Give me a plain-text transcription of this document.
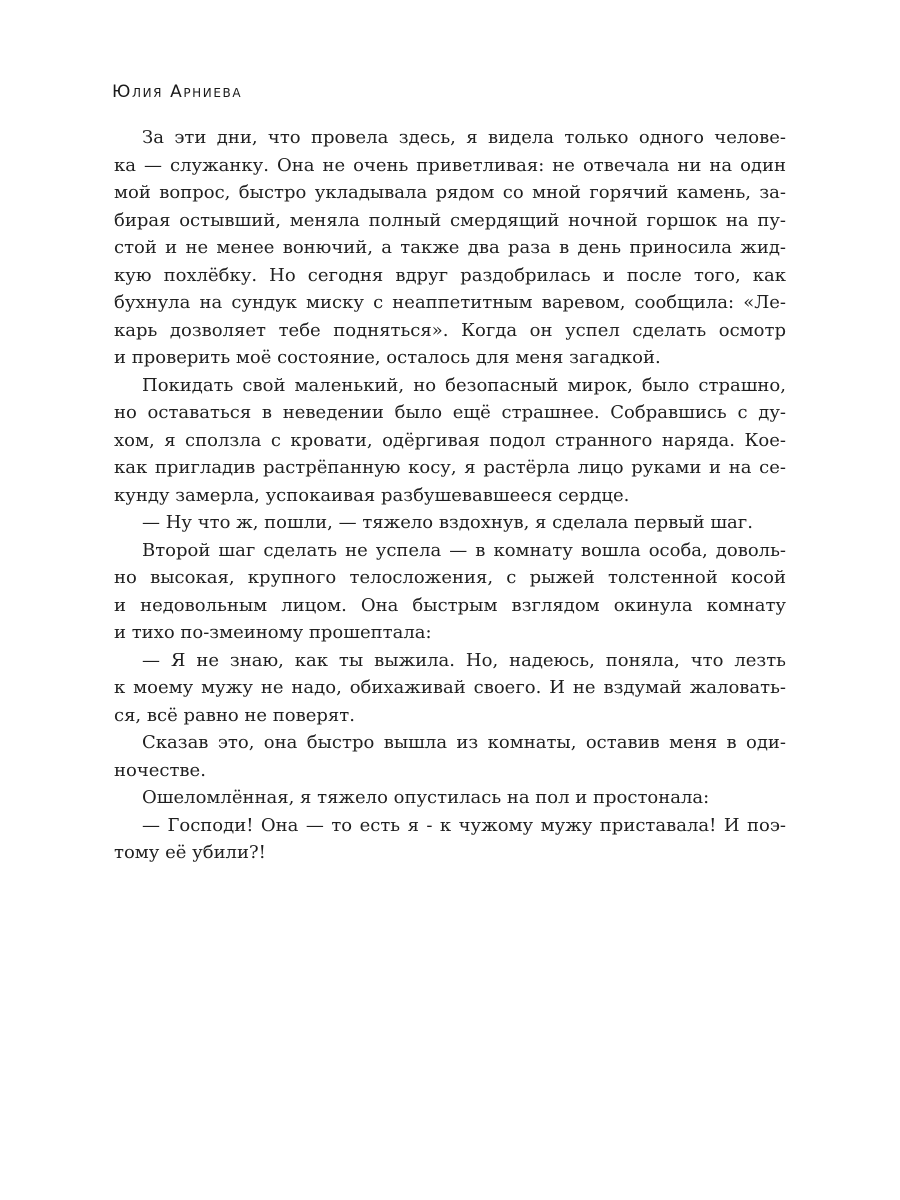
Юлия Арниева
За эти дни, что провела здесь, я видела только одного челове-
ка — служанку. Она не очень приветливая: не отвечала ни на один
мой вопрос, быстро укладывала рядом со мной горячий камень, за-
бирая остывший, меняла полный смердящий ночной горшок на пу-
стой и не менее вонючий, а также два раза в день приносила жид-
кую похлёбку. Но сегодня вдруг раздобрилась и после того, как
бухнула на сундук миску с неаппетитным варевом, сообщила: «Ле-
карь дозволяет тебе подняться». Когда он успел сделать осмотр
и проверить моё состояние, осталось для меня загадкой.
Покидать свой маленький, но безопасный мирок, было страшно,
но оставаться в неведении было ещё страшнее. Собравшись с ду-
хом, я сползла с кровати, одёргивая подол странного наряда. Кое-
как пригладив растрёпанную косу, я растёрла лицо руками и на се-
кунду замерла, успокаивая разбушевавшееся сердце.
— Ну что ж, пошли, — тяжело вздохнув, я сделала первый шаг.
Второй шаг сделать не успела — в комнату вошла особа, доволь-
но высокая, крупного телосложения, с рыжей толстенной косой
и недовольным лицом. Она быстрым взглядом окинула комнату
и тихо по-змеиному прошептала:
— Я не знаю, как ты выжила. Но, надеюсь, поняла, что лезть
к моему мужу не надо, обихаживай своего. И не вздумай жаловать-
ся, всё равно не поверят.
Сказав это, она быстро вышла из комнаты, оставив меня в оди-
ночестве.
Ошеломлённая, я тяжело опустилась на пол и простонала:
— Господи! Она — то есть я - к чужому мужу приставала! И поэ-
тому её убили?!
